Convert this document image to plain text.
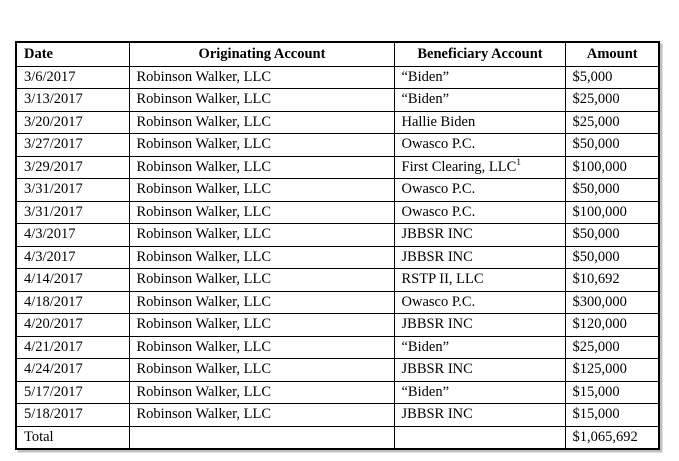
Date	Originating Account	Beneficiary Account	Amount
3/6/2017	Robinson Walker, LLC	“Biden”	$5,000
3/13/2017	Robinson Walker, LLC	“Biden”	$25,000
3/20/2017	Robinson Walker, LLC	Hallie Biden	$25,000
3/27/2017	Robinson Walker, LLC	Owasco P.C.	$50,000
3/29/2017	Robinson Walker, LLC	First Clearing, LLC$^1$	$100,000
3/31/2017	Robinson Walker, LLC	Owasco P.C.	$50,000
3/31/2017	Robinson Walker, LLC	Owasco P.C.	$100,000
4/3/2017	Robinson Walker, LLC	JBBSR INC	$50,000
4/3/2017	Robinson Walker, LLC	JBBSR INC	$50,000
4/14/2017	Robinson Walker, LLC	RSTP II, LLC	$10,692
4/18/2017	Robinson Walker, LLC	Owasco P.C.	$300,000
4/20/2017	Robinson Walker, LLC	JBBSR INC	$120,000
4/21/2017	Robinson Walker, LLC	“Biden”	$25,000
4/24/2017	Robinson Walker, LLC	JBBSR INC	$125,000
5/17/2017	Robinson Walker, LLC	“Biden”	$15,000
5/18/2017	Robinson Walker, LLC	JBBSR INC	$15,000
Total			$1,065,692
